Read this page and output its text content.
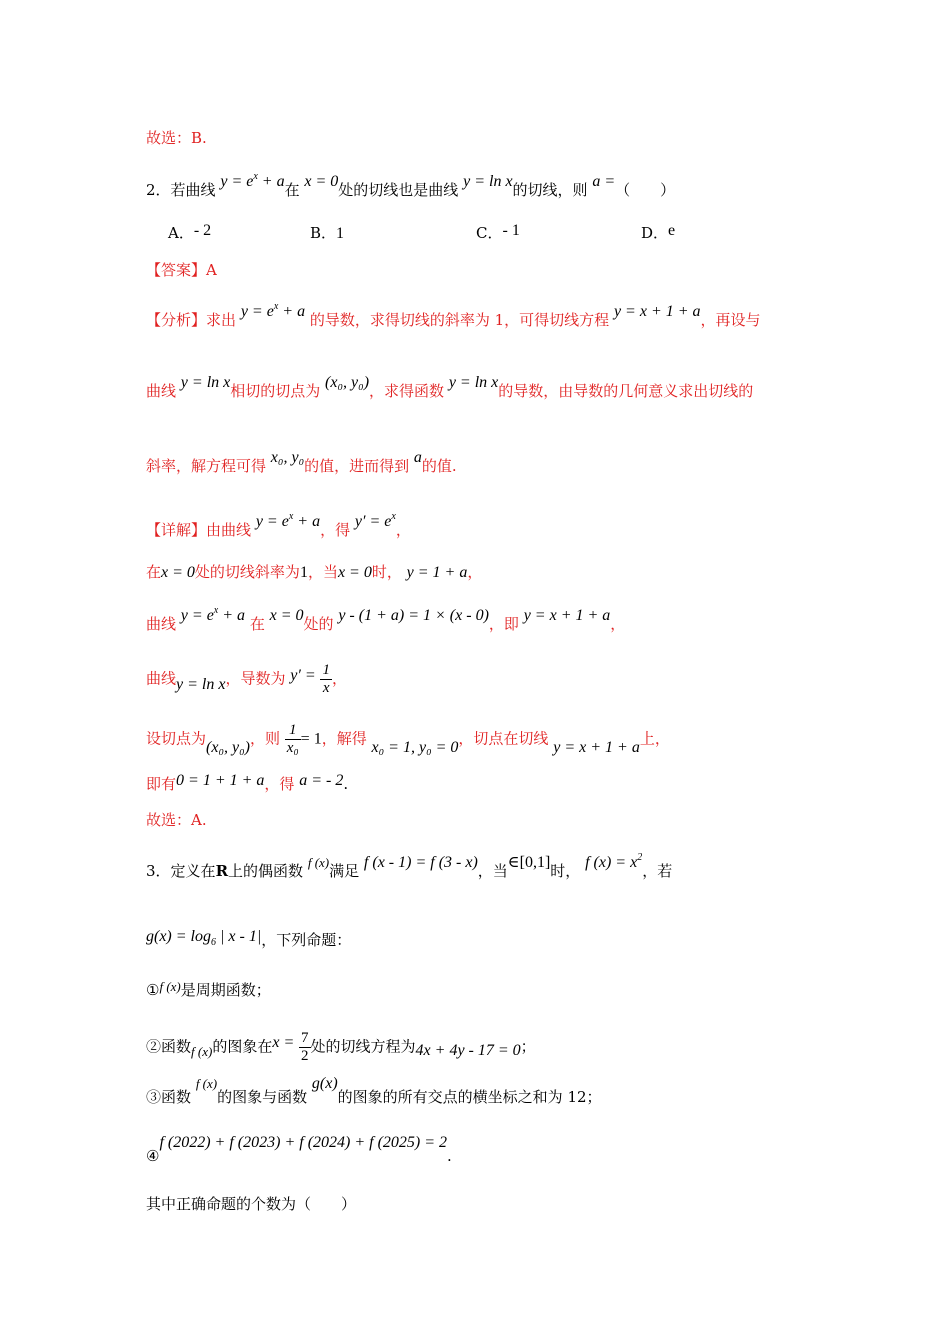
故选：B.
2．若曲线 $y = e^x + a$在 x = 0处的切线也是曲线 y = ln x的切线，则 a =（　　）
A．- 2	B．1	C．- 1	D．e
【答案】A
【分析】求出 $y = e^x + a$ 的导数，求得切线的斜率为 1，可得切线方程 y = x + 1 + a，再设与
曲线 y = ln x相切的切点为 (x₀, y₀)，求得函数 y = ln x的导数，由导数的几何意义求出切线的
斜率，解方程可得 x₀, y₀的值，进而得到 a的值.
【详解】由曲线 $y = e^x + a$，得 $y' = e^x$，
在x = 0处的切线斜率为1，当x = 0时， y = 1 + a，
曲线 $y = e^x + a$ 在 x = 0处的 y - (1 + a) = 1 × (x - 0)，即 y = x + 1 + a，
曲线y = ln x，导数为 $y' = \frac{1}{x}$ ，
设切点为(x₀, y₀)，则 $\frac{1}{\text{x₀}} = 1$，解得 x₀ = 1, y₀ = 0，切点在切线 y = x + 1 + a上，
即有0 = 1 + 1 + a，得 a = - 2.
故选：A.
3．定义在R上的偶函数 f (x)满足 f (x - 1) = f (3 - x)，当∈[0,1]时， f $(x) = x^2$，若
$g(x) = \log_6$ | x - 1|，下列命题：
①f (x)是周期函数；
②函数f (x)的图象在$x = \frac{7}{2}$ 处的切线方程为4x + 4y - 17 = 0；
③函数 f (x)的图象与函数 g(x)的图象的所有交点的横坐标之和为 12；
④f (2022) + f (2023) + f (2024) + f (2025) = 2.
其中正确命题的个数为（　　）
